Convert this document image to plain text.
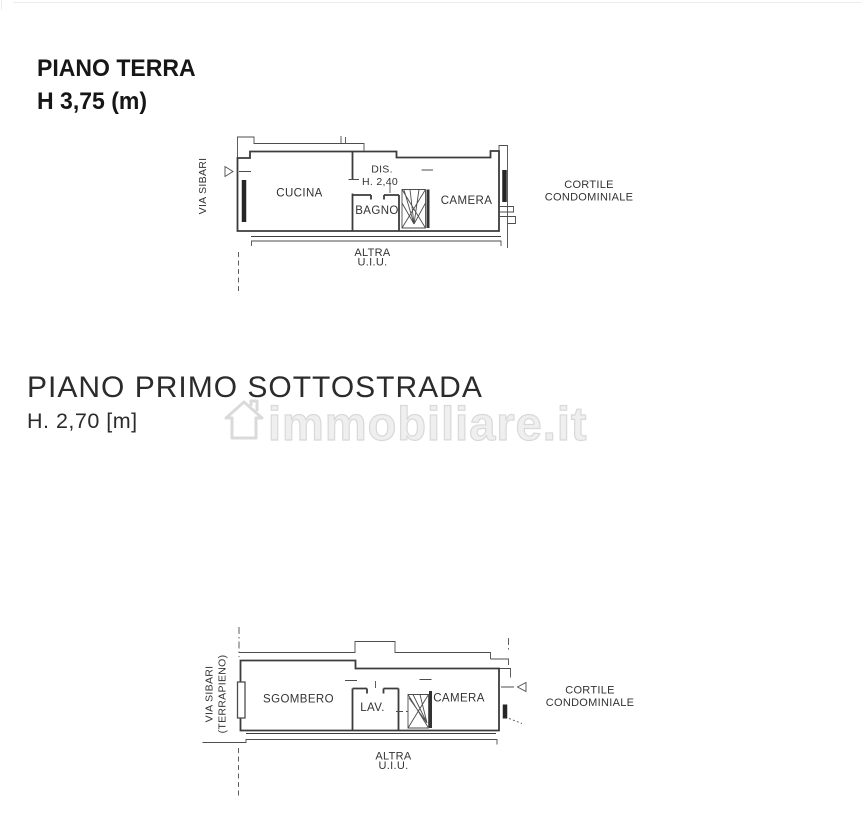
PIANO TERRA
H 3,75 (m)
PIANO PRIMO SOTTOSTRADA
H. 2,70 [m]	immobiliare.it
VIA SIBARI	CUCINA
DIS.
H. 2,40
BAGNO
CAMERA
ALTRA
U.I.U.
CORTILE
CONDOMINIALE
VIA SIBARI (TERRAPIENO)	SGOMBERO
LAV.
CAMERA
ALTRA
U.I.U.
CORTILE
CONDOMINIALE
